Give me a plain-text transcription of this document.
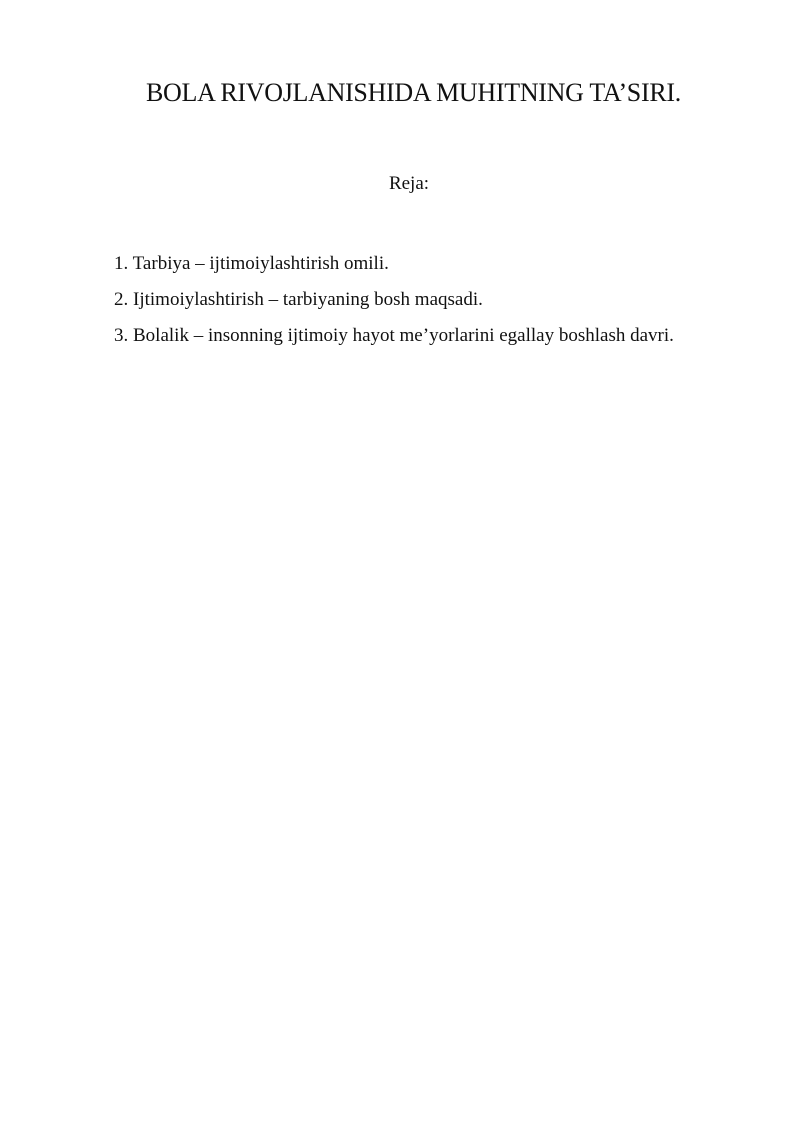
BOLA RIVOJLANISHIDA MUHITNING TA’SIRI.
Reja:
1. Tarbiya – ijtimoiylashtirish omili.
2. Ijtimoiylashtirish – tarbiyaning bosh maqsadi.
3. Bolalik – insonning ijtimoiy hayot me’yorlarini egallay boshlash davri.
